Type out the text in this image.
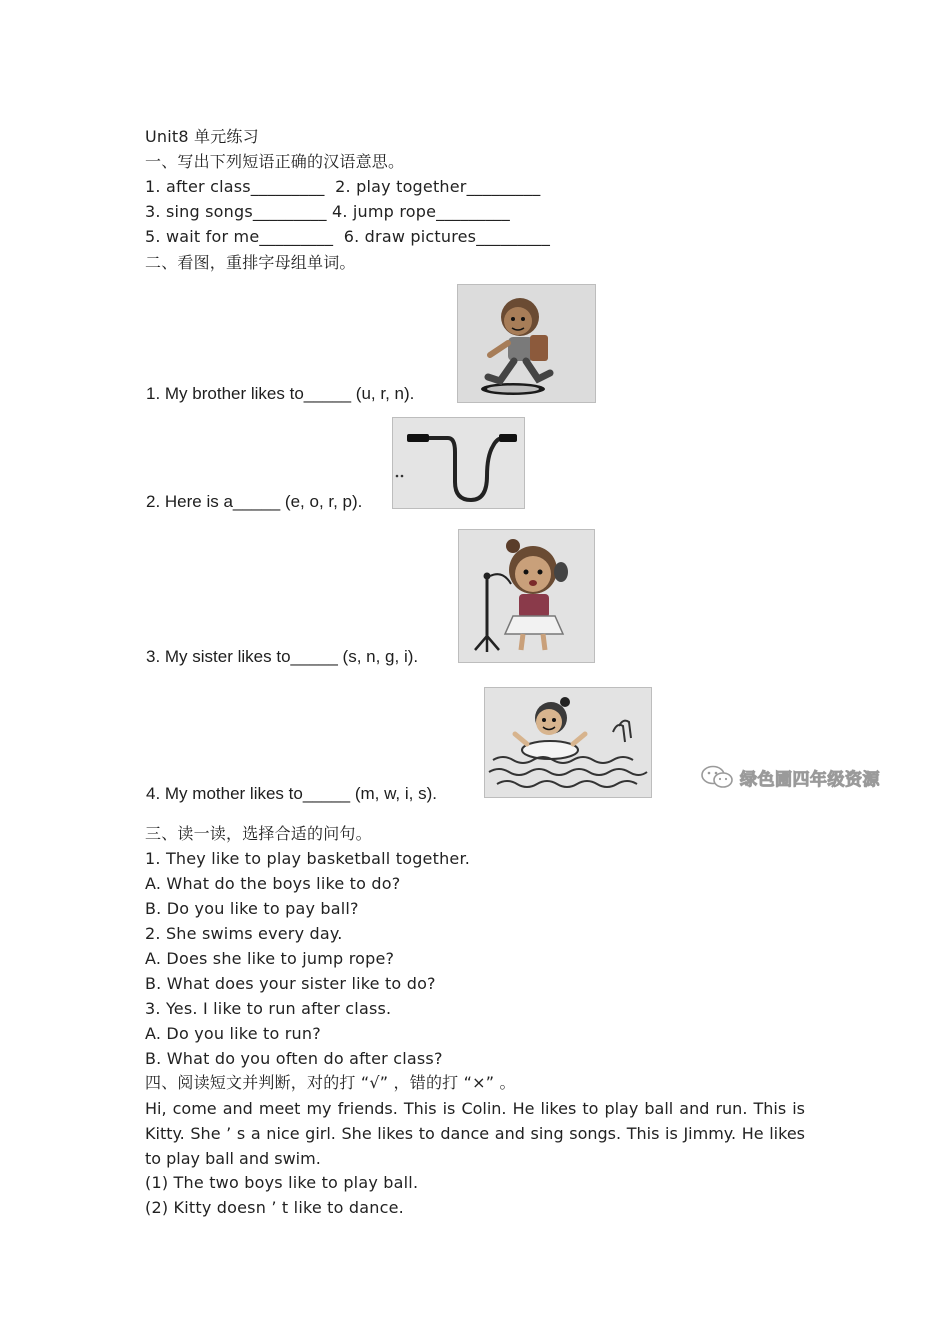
Unit8 单元练习
一、写出下列短语正确的汉语意思。
1. after class_________  2. play together_________
3. sing songs_________ 4. jump rope_________
5. wait for me_________  6. draw pictures_________
二、看图，重排字母组单词。
1. My brother likes to_____ (u, r, n).
2. Here is a_____ (e, o, r, p).
3. My sister likes to_____ (s, n, g, i).
4. My mother likes to_____ (m, w, i, s).
绿色圃四年级资源
三、读一读，选择合适的问句。
1. They like to play basketball together.
A. What do the boys like to do?
B. Do you like to pay ball?
2. She swims every day.
A. Does she like to jump rope?
B. What does your sister like to do?
3. Yes. I like to run after class.
A. Do you like to run?
B. What do you often do after class?
四、阅读短文并判断，对的打 “√” ，错的打 “×” 。
Hi, come and meet my friends. This is Colin. He likes to play ball and run. This is Kitty. She ’ s a nice girl. She likes to dance and sing songs. This is Jimmy. He likes to play ball and swim.
(1) The two boys like to play ball.
(2) Kitty doesn ’ t like to dance.
